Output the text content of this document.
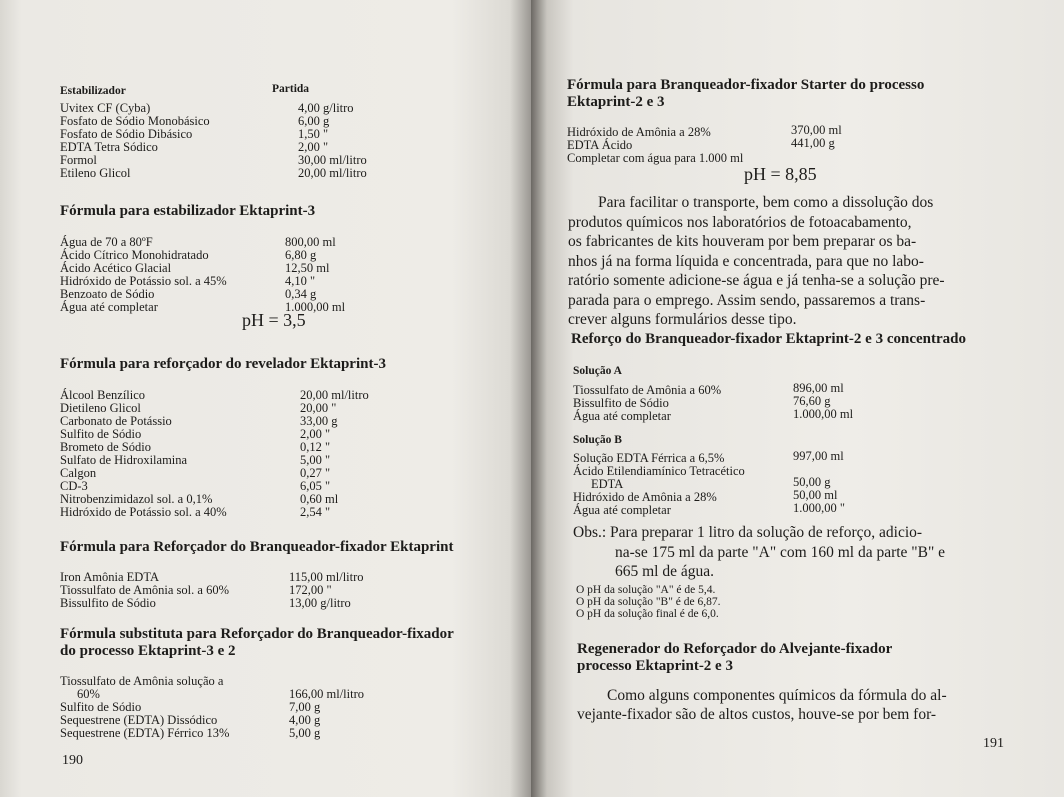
Estabilizador	Partida
Uvitex CF (Cyba)
Fosfato de Sódio Monobásico
Fosfato de Sódio Dibásico
EDTA Tetra Sódico
Formol
Etileno Glicol
4,00 g/litro
6,00 g
1,50 "
2,00 "
30,00 ml/litro
20,00 ml/litro
Fórmula para estabilizador Ektaprint-3
Água de 70 a 80ºF
Ácido Cítrico Monohidratado
Ácido Acético Glacial
Hidróxido de Potássio sol. a 45%
Benzoato de Sódio
Água até completar
800,00 ml
6,80 g
12,50 ml
4,10 "
0,34 g
1.000,00 ml
pH = 3,5
Fórmula para reforçador do revelador Ektaprint-3
Álcool Benzílico
Dietileno Glicol
Carbonato de Potássio
Sulfito de Sódio
Brometo de Sódio
Sulfato de Hidroxilamina
Calgon
CD-3
Nitrobenzimidazol sol. a 0,1%
Hidróxido de Potássio sol. a 40%
20,00 ml/litro
20,00 "
33,00 g
2,00 "
0,12 "
5,00 "
0,27 "
6,05 "
0,60 ml
2,54 "
Fórmula para Reforçador do Branqueador-fixador Ektaprint
Iron Amônia EDTA
Tiossulfato de Amônia sol. a 60%
Bissulfito de Sódio
115,00 ml/litro
172,00 "
13,00 g/litro
Fórmula substituta para Reforçador do Branqueador-fixador
do processo Ektaprint-3 e 2
Tiossulfato de Amônia solução a
60%
Sulfito de Sódio
Sequestrene (EDTA) Dissódico
Sequestrene (EDTA) Férrico 13%
166,00 ml/litro
7,00 g
4,00 g
5,00 g
190
Fórmula para Branqueador-fixador Starter do processo
Ektaprint-2 e 3
Hidróxido de Amônia a 28%
EDTA Ácido
Completar com água para 1.000 ml
370,00 ml
441,00 g
pH = 8,85
Para facilitar o transporte, bem como a dissolução dos
produtos químicos nos laboratórios de fotoacabamento,
os fabricantes de kits houveram por bem preparar os ba-
nhos já na forma líquida e concentrada, para que no labo-
ratório somente adicione-se água e já tenha-se a solução pre-
parada para o emprego. Assim sendo, passaremos a trans-
crever alguns formulários desse tipo.
Reforço do Branqueador-fixador Ektaprint-2 e 3 concentrado
Solução A
Tiossulfato de Amônia a 60%
Bissulfito de Sódio
Água até completar
896,00 ml
76,60 g
1.000,00 ml
Solução B
Solução EDTA Férrica a 6,5%
Ácido Etilendiamínico Tetracético
EDTA
Hidróxido de Amônia a 28%
Água até completar
997,00 ml
50,00 g
50,00 ml
1.000,00 "
Obs.: Para preparar 1 litro da solução de reforço, adicio-
na-se 175 ml da parte "A" com 160 ml da parte "B" e
665 ml de água.
O pH da solução "A" é de 5,4.
O pH da solução "B" é de 6,87.
O pH da solução final é de 6,0.
Regenerador do Reforçador do Alvejante-fixador
processo Ektaprint-2 e 3
Como alguns componentes químicos da fórmula do al-
vejante-fixador são de altos custos, houve-se por bem for-
191
